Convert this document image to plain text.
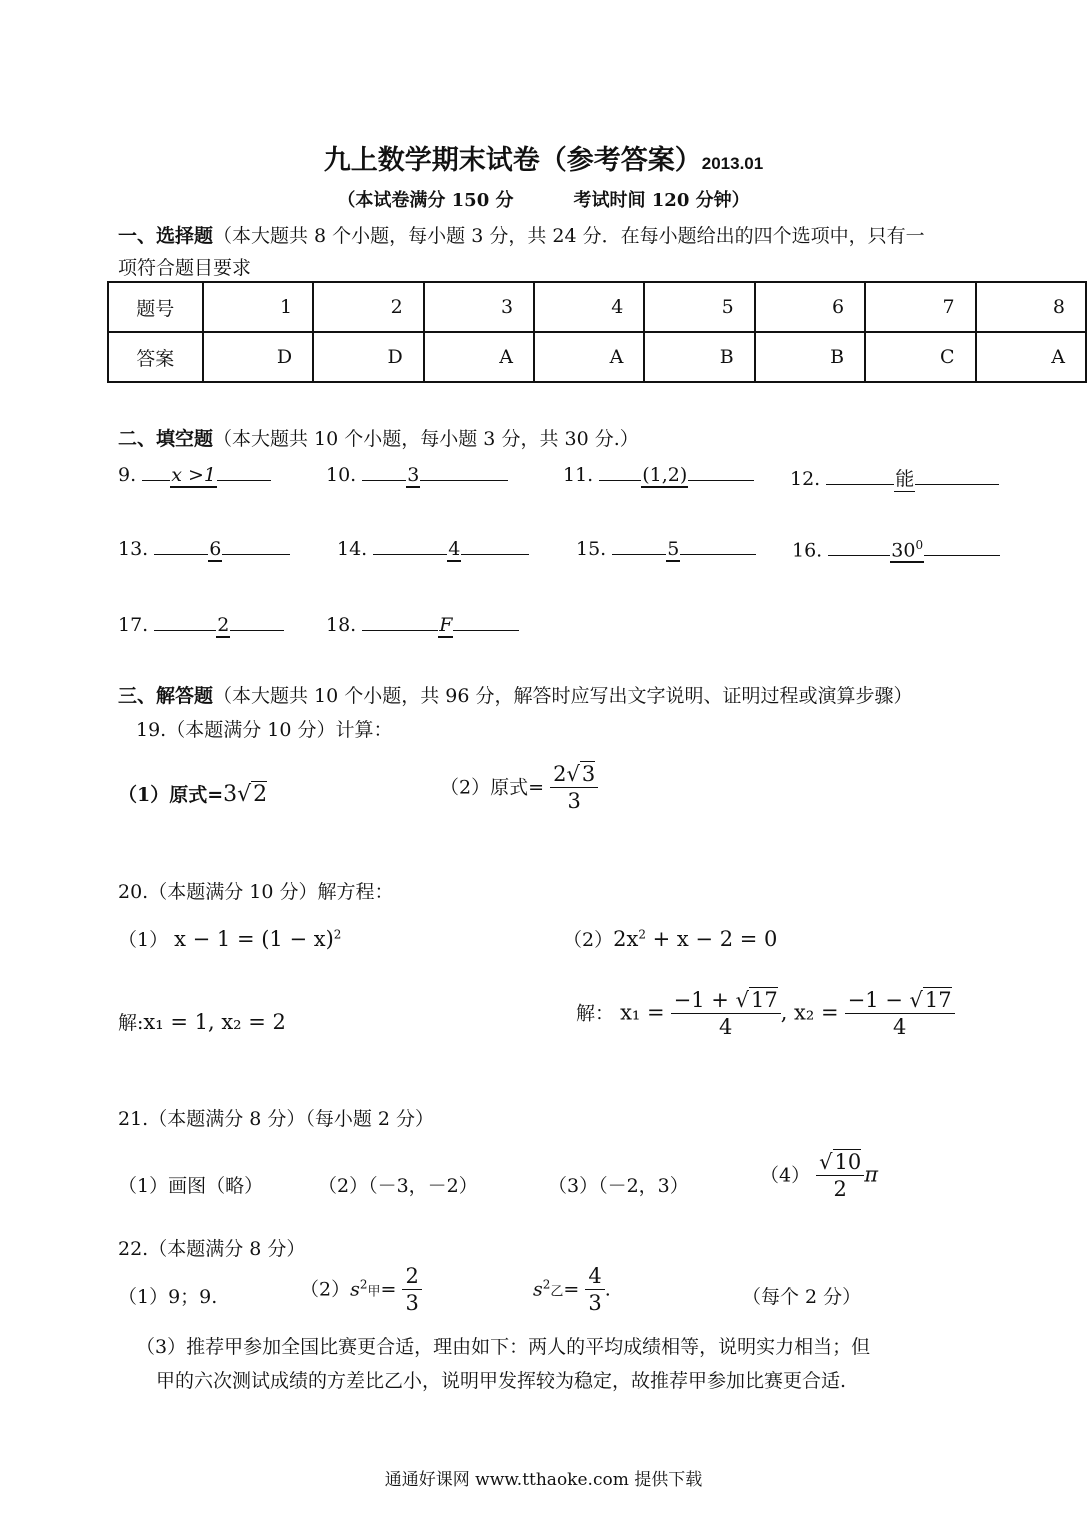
九上数学期末试卷（参考答案）2013.01
（本试卷满分 150 分	考试时间 120 分钟）
一、选择题（本大题共 8 个小题，每小题 3 分，共 24 分．在每小题给出的四个选项中，只有一
项符合题目要求
题号	1	2	3	4	5	6	7	8
答案	D	D	A	A	B	B	C	A
二、填空题（本大题共 10 个小题，每小题 3 分，共 30 分.）
9. x >1	10.	3	11.	(1,2)	12.	能
13.	6	14.	4	15.	5	16.	$30^0$
17.	2	18.	F
三、解答题（本大题共 10 个小题，共 96 分，解答时应写出文字说明、证明过程或演算步骤）
19.（本题满分 10 分）计算：
（1）原式=3 √ 2	（2）原式= $\frac{2 √ 3}{3}$
20.（本题满分 10 分）解方程：
（1） $x - 1 = (1 - x)^2$	$(2)2x^2 + x - 2 = 0$
解:x₁ = 1, x₂ = 2	解： $x_1 = \frac{-1 + √ 17}{4}$ , $x_2 = \frac{-1 - √ 17}{4}$
21.（本题满分 8 分）（每小题 2 分）
（1）画图（略）	（2）（－3，－2）	（3）（－2，3）	（4） √ $\frac{10}{2}$ π
22.（本题满分 8 分）
（1）9；9.	$(2)s^2$甲= $\frac{2}{3}$	$s^2$乙= $\frac{4}{3}$ .	（每个 2 分）
（3）推荐甲参加全国比赛更合适，理由如下：两人的平均成绩相等，说明实力相当；但
甲的六次测试成绩的方差比乙小，说明甲发挥较为稳定，故推荐甲参加比赛更合适.
通通好课网 www.tthaoke.com 提供下载
